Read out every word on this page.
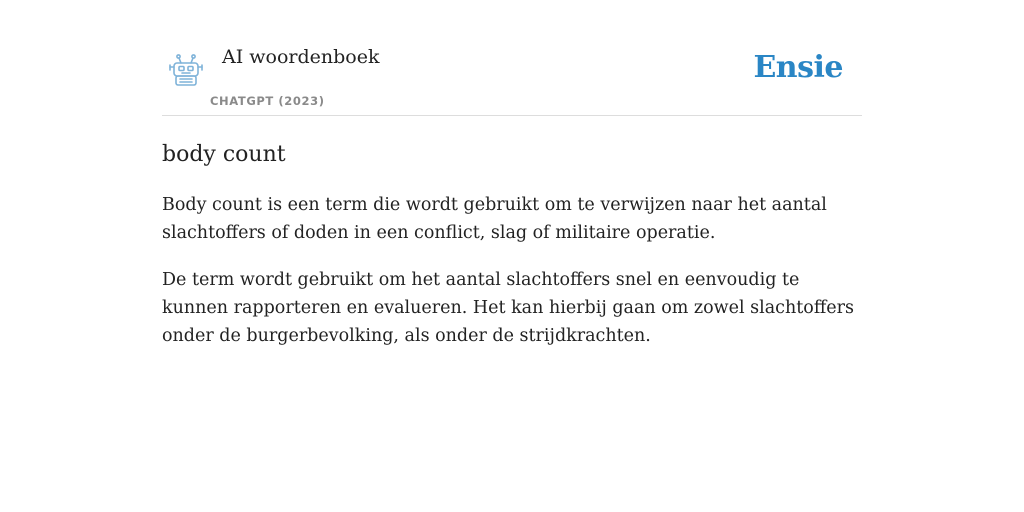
AI woordenboek
CHATGPT (2023)
Ensie
body count

Body count is een term die wordt gebruikt om te verwijzen naar het aantal slachtoffers of doden in een conflict, slag of militaire operatie.

De term wordt gebruikt om het aantal slachtoffers snel en eenvoudig te kunnen rapporteren en evalueren. Het kan hierbij gaan om zowel slachtoffers onder de burgerbevolking, als onder de strijdkrachten.
